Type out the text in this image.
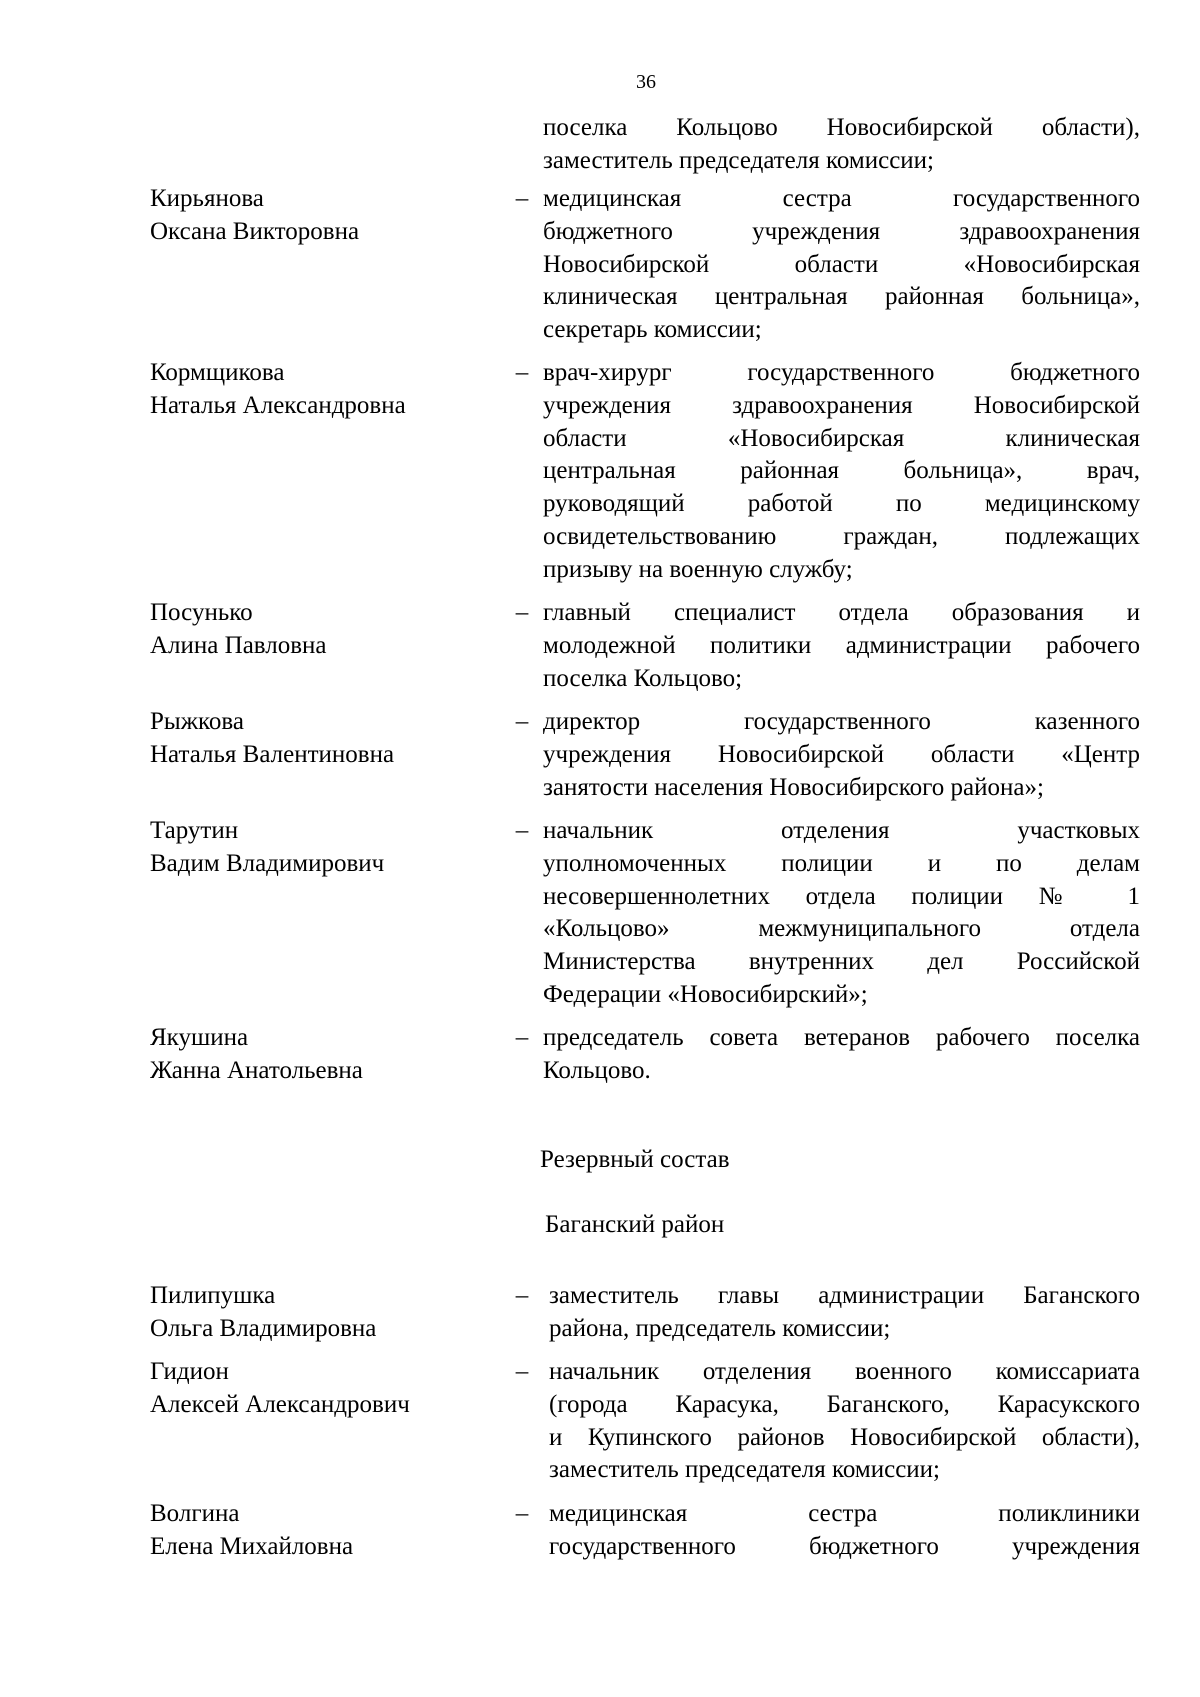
36
поселка Кольцово Новосибирской области),
заместитель председателя комиссии;
Кирьянова
Оксана Викторовна
– медицинская сестра государственного
бюджетного учреждения здравоохранения
Новосибирской области «Новосибирская
клиническая центральная районная больница»,
секретарь комиссии;
Кормщикова
Наталья Александровна
– врач-хирург государственного бюджетного
учреждения здравоохранения Новосибирской
области «Новосибирская клиническая
центральная районная больница», врач,
руководящий работой по медицинскому
освидетельствованию граждан, подлежащих
призыву на военную службу;
Посунько
Алина Павловна
– главный специалист отдела образования и
молодежной политики администрации рабочего
поселка Кольцово;
Рыжкова
Наталья Валентиновна
– директор государственного казенного
учреждения Новосибирской области «Центр
занятости населения Новосибирского района»;
Тарутин
Вадим Владимирович
– начальник отделения участковых
уполномоченных полиции и по делам
несовершеннолетних отдела полиции № 1
«Кольцово» межмуниципального отдела
Министерства внутренних дел Российской
Федерации «Новосибирский»;
Якушина
Жанна Анатольевна
– председатель совета ветеранов рабочего поселка
Кольцово.
Резервный состав
Баганский район
Пилипушка
Ольга Владимировна
– заместитель главы администрации Баганского
района, председатель комиссии;
Гидион
Алексей Александрович
– начальник отделения военного комиссариата
(города Карасука, Баганского, Карасукского
и Купинского районов Новосибирской области),
заместитель председателя комиссии;
Волгина
Елена Михайловна
– медицинская сестра поликлиники
государственного бюджетного учреждения
